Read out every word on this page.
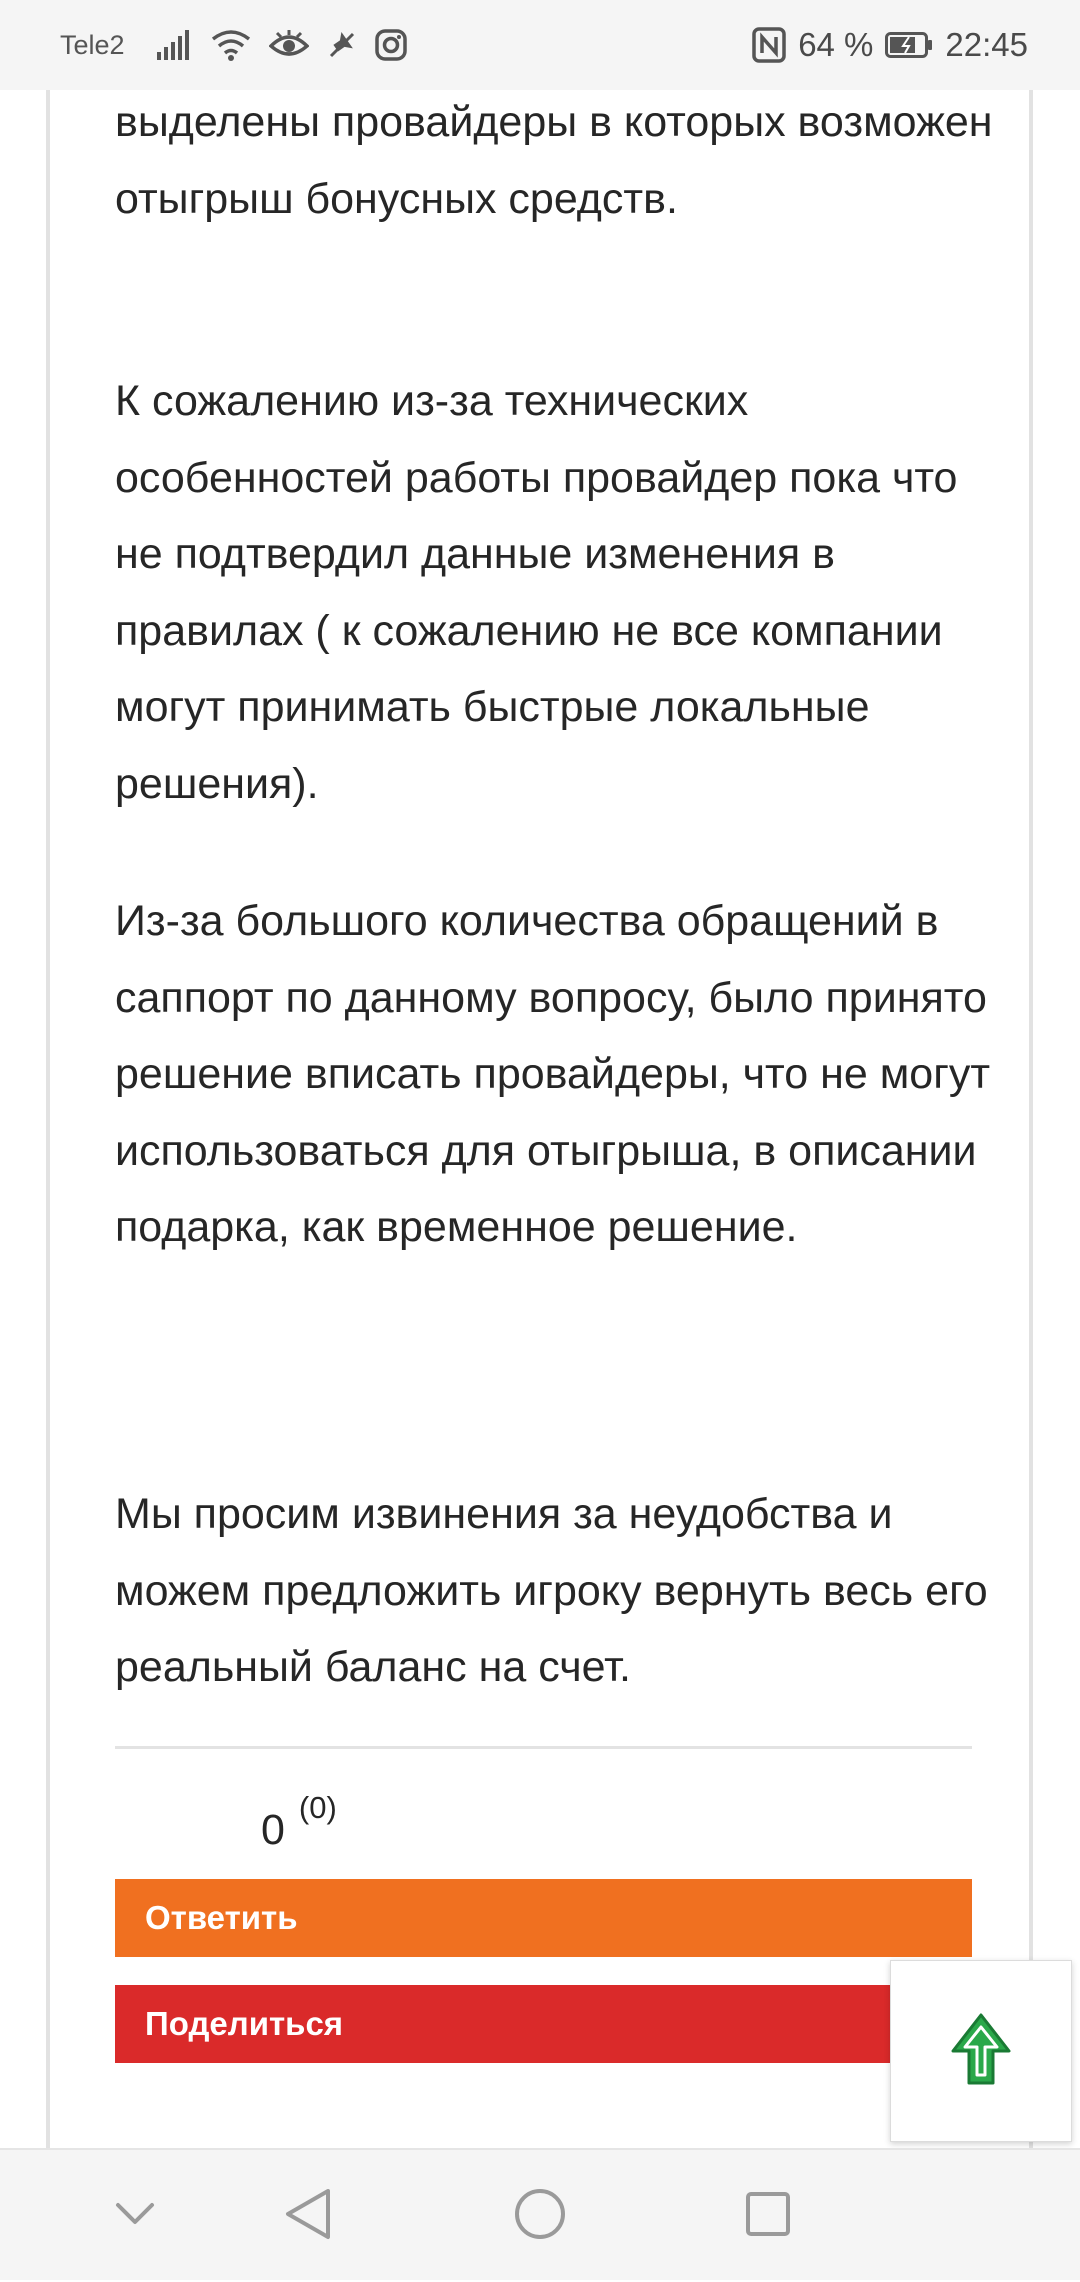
Tele2	64 % 22:45

выделены провайдеры в которых возможен отыгрыш бонусных средств.

К сожалению из-за технических особенностей работы провайдер пока что не подтвердил данные изменения в правилах ( к сожалению не все компании могут принимать быстрые локальные решения).

Из-за большого количества обращений в саппорт по данному вопросу, было принято решение вписать провайдеры, что не могут использоваться для отыгрыша, в описании подарка, как временное решение.

Мы просим извинения за неудобства и можем предложить игроку вернуть весь его реальный баланс на счет.

0 (0)
Ответить
Поделиться
